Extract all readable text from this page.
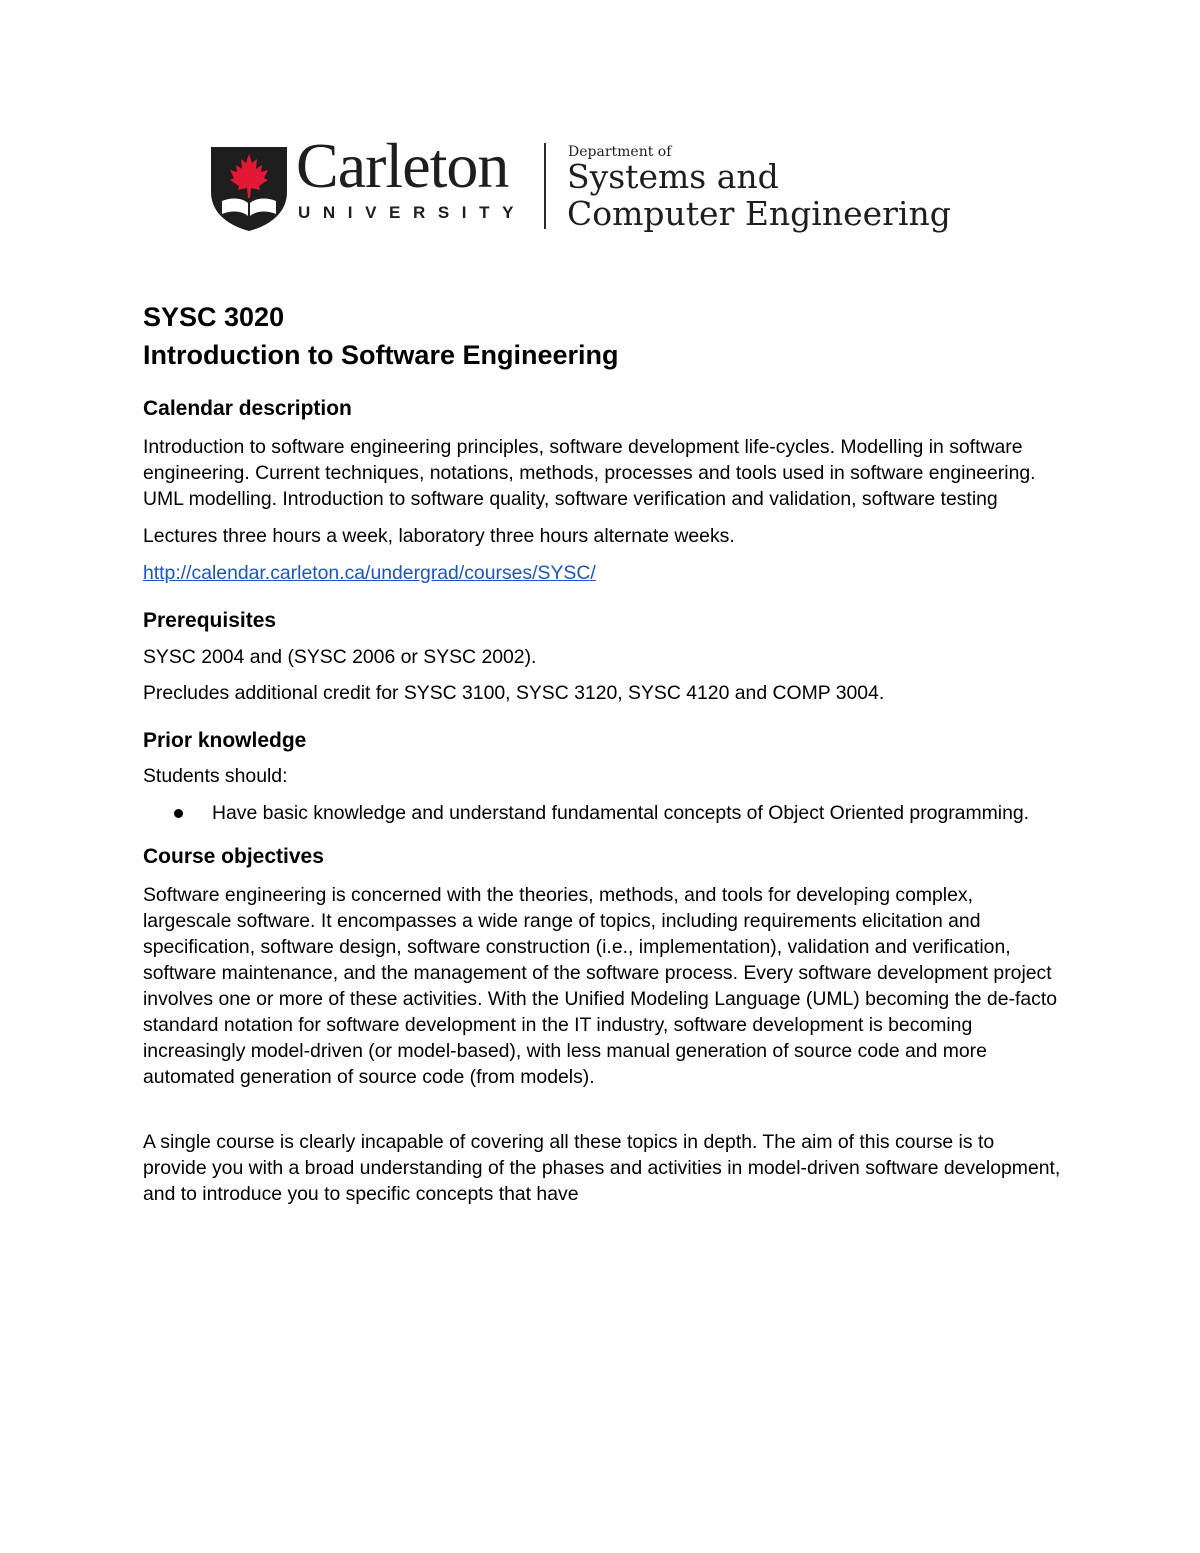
Carleton
UNIVERSITY
Department of
Systems and
Computer Engineering
SYSC 3020
Introduction to Software Engineering
Calendar description

Introduction to software engineering principles, software development life-cycles. Modelling in software engineering. Current techniques, notations, methods, processes and tools used in software engineering. UML modelling. Introduction to software quality, software verification and validation, software testing

Lectures three hours a week, laboratory three hours alternate weeks.

http://calendar.carleton.ca/undergrad/courses/SYSC/

Prerequisites

SYSC 2004 and (SYSC 2006 or SYSC 2002).

Precludes additional credit for SYSC 3100, SYSC 3120, SYSC 4120 and COMP 3004.

Prior knowledge

Students should:

Have basic knowledge and understand fundamental concepts of Object Oriented programming.
Course objectives

Software engineering is concerned with the theories, methods, and tools for developing complex, largescale software. It encompasses a wide range of topics, including requirements elicitation and specification, software design, software construction (i.e., implementation), validation and verification, software maintenance, and the management of the software process. Every software development project involves one or more of these activities. With the Unified Modeling Language (UML) becoming the de-facto standard notation for software development in the IT industry, software development is becoming increasingly model-driven (or model-based), with less manual generation of source code and more automated generation of source code (from models).

A single course is clearly incapable of covering all these topics in depth. The aim of this course is to provide you with a broad understanding of the phases and activities in model-driven software development, and to introduce you to specific concepts that have
